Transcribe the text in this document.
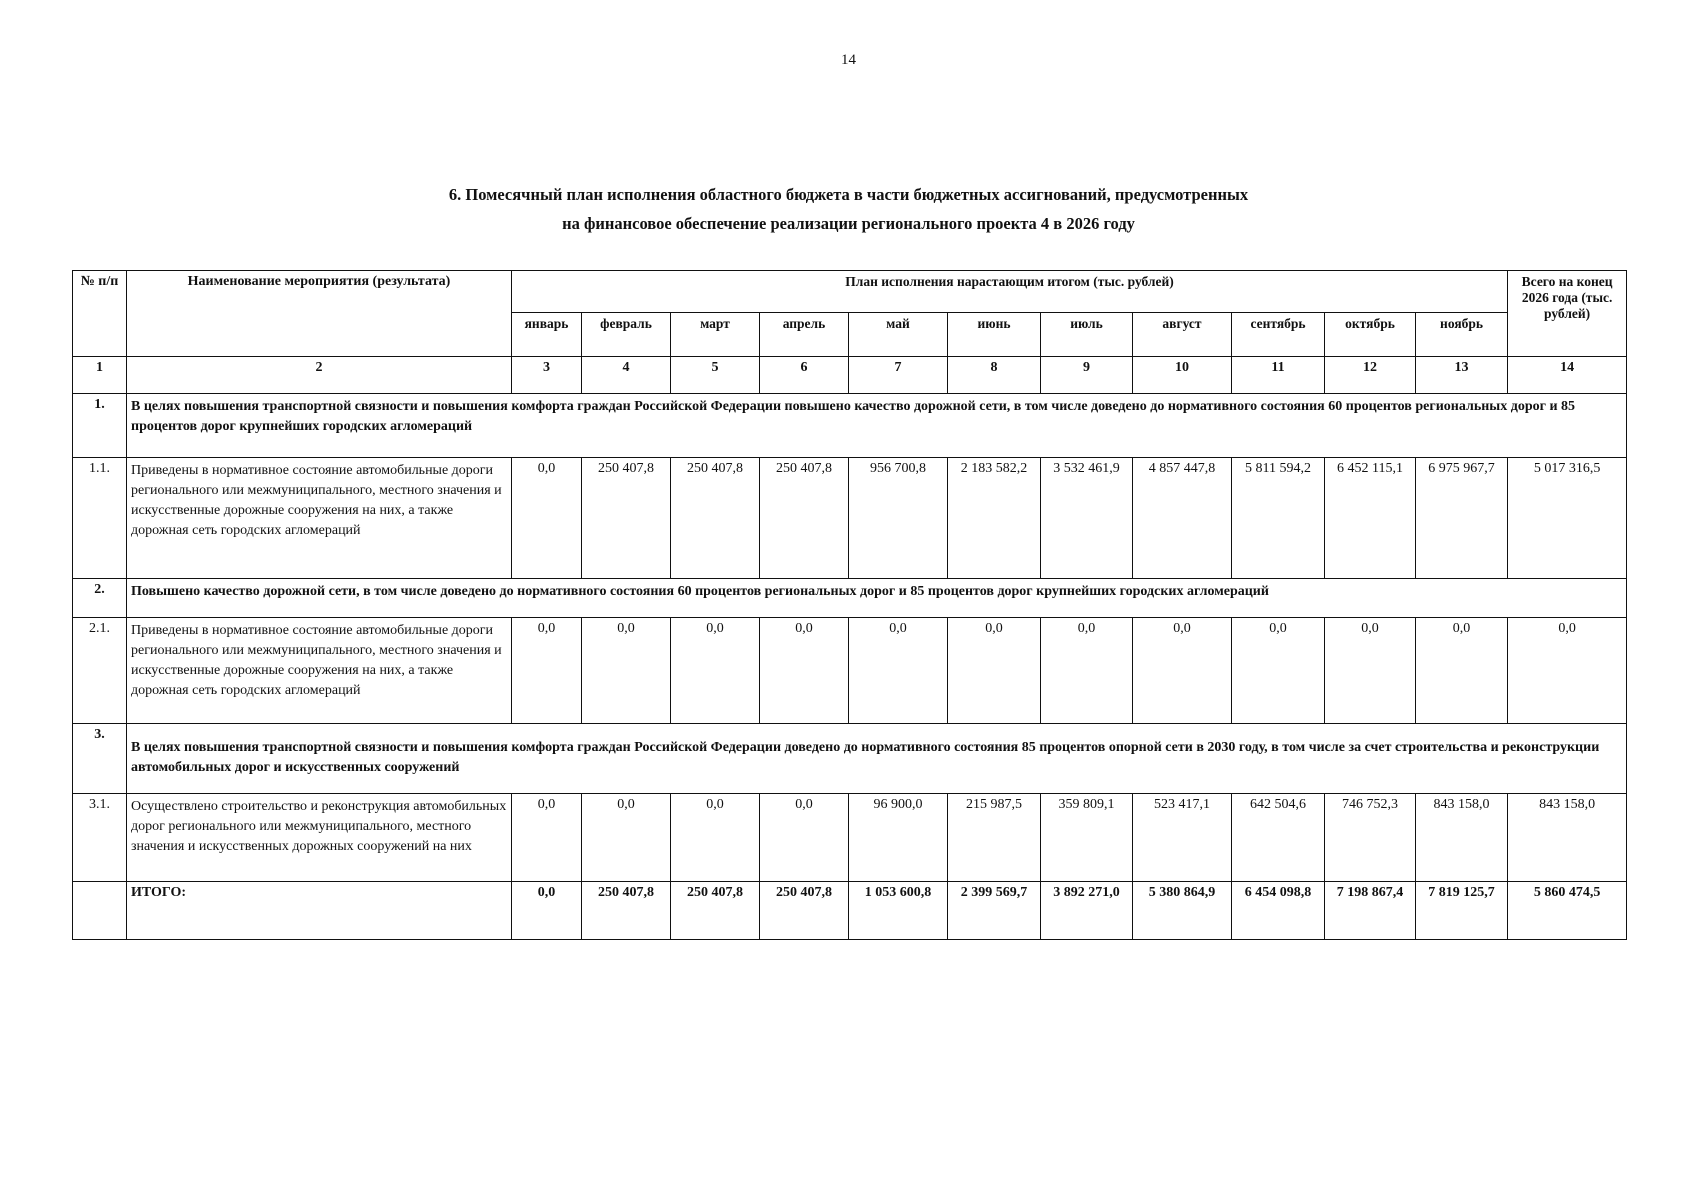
14
6. Помесячный план исполнения областного бюджета в части бюджетных ассигнований, предусмотренных
на финансовое обеспечение реализации регионального проекта 4 в 2026 году
№ п/п	Наименование мероприятия (результата)	План исполнения нарастающим итогом (тыс. рублей)											Всего на конец 2026 года (тыс. рублей)
		январь	февраль	март	апрель	май	июнь	июль	август	сентябрь	октябрь	ноябрь	
1	2	3	4	5	6	7	8	9	10	11	12	13	14
1.	В целях повышения транспортной связности и повышения комфорта граждан Российской Федерации повышено качество дорожной сети, в том числе доведено до нормативного состояния 60 процентов региональных дорог и 85 процентов дорог крупнейших городских агломераций												
1.1.	Приведены в нормативное состояние автомобильные дороги регионального или межмуниципального, местного значения и искусственные дорожные сооружения на них, а также дорожная сеть городских агломераций	0,0	250 407,8	250 407,8	250 407,8	956 700,8	2 183 582,2	3 532 461,9	4 857 447,8	5 811 594,2	6 452 115,1	6 975 967,7	5 017 316,5
2.	Повышено качество дорожной сети, в том числе доведено до нормативного состояния 60 процентов региональных дорог и 85 процентов дорог крупнейших городских агломераций												
2.1.	Приведены в нормативное состояние автомобильные дороги регионального или межмуниципального, местного значения и искусственные дорожные сооружения на них, а также дорожная сеть городских агломераций	0,0	0,0	0,0	0,0	0,0	0,0	0,0	0,0	0,0	0,0	0,0	0,0
3.	В целях повышения транспортной связности и повышения комфорта граждан Российской Федерации доведено до нормативного состояния 85 процентов опорной сети в 2030 году, в том числе за счет строительства и реконструкции автомобильных дорог и искусственных сооружений												
3.1.	Осуществлено строительство и реконструкция автомобильных дорог регионального или межмуниципального, местного значения и искусственных дорожных сооружений на них	0,0	0,0	0,0	0,0	96 900,0	215 987,5	359 809,1	523 417,1	642 504,6	746 752,3	843 158,0	843 158,0
	ИТОГО:	0,0	250 407,8	250 407,8	250 407,8	1 053 600,8	2 399 569,7	3 892 271,0	5 380 864,9	6 454 098,8	7 198 867,4	7 819 125,7	5 860 474,5
